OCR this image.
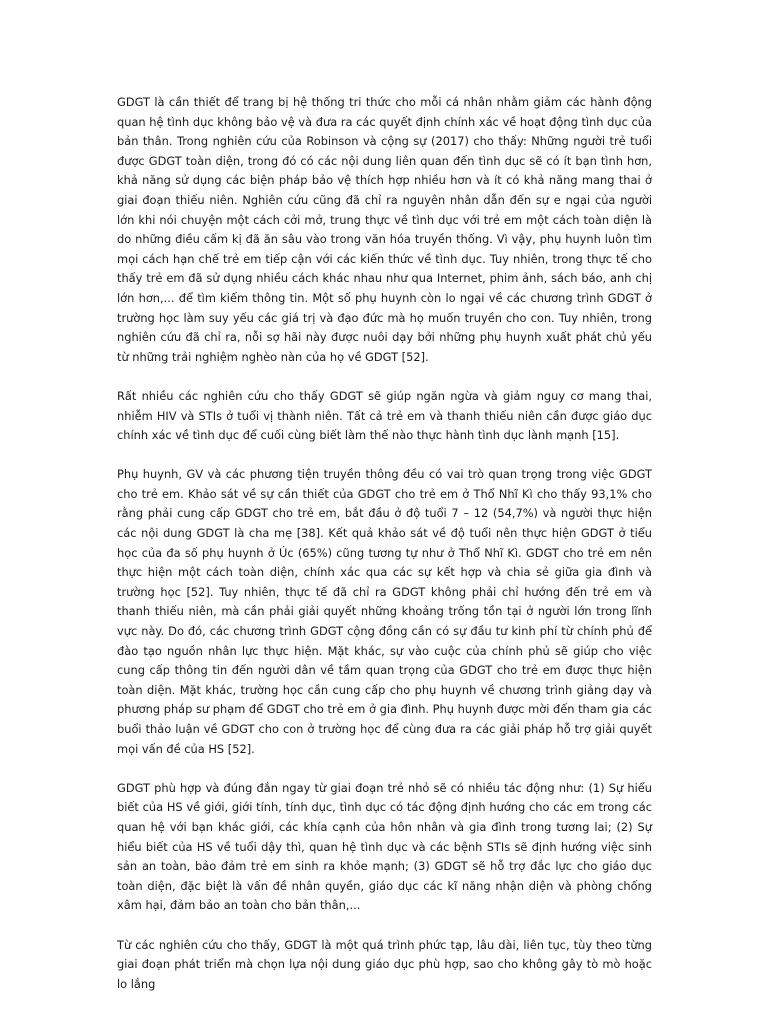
GDGT là cần thiết để trang bị hệ thống tri thức cho mỗi cá nhân nhằm giảm các hành động quan hệ tình dục không bảo vệ và đưa ra các quyết định chính xác về hoạt động tình dục của bản thân. Trong nghiên cứu của Robinson và cộng sự (2017) cho thấy: Những người trẻ tuổi được GDGT toàn diện, trong đó có các nội dung liên quan đến tình dục sẽ có ít bạn tình hơn, khả năng sử dụng các biện pháp bảo vệ thích hợp nhiều hơn và ít có khả năng mang thai ở giai đoạn thiếu niên. Nghiên cứu cũng đã chỉ ra nguyên nhân dẫn đến sự e ngại của người lớn khi nói chuyện một cách cởi mở, trung thực về tình dục với trẻ em một cách toàn diện là do những điều cấm kị đã ăn sâu vào trong văn hóa truyền thống. Vì vậy, phụ huynh luôn tìm mọi cách hạn chế trẻ em tiếp cận với các kiến thức về tình dục. Tuy nhiên, trong thực tế cho thấy trẻ em đã sử dụng nhiều cách khác nhau như qua Internet, phim ảnh, sách báo, anh chị lớn hơn,... để tìm kiếm thông tin. Một số phụ huynh còn lo ngại về các chương trình GDGT ở trường học làm suy yếu các giá trị và đạo đức mà họ muốn truyền cho con. Tuy nhiên, trong nghiên cứu đã chỉ ra, nỗi sợ hãi này được nuôi dạy bởi những phụ huynh xuất phát chủ yếu từ những trải nghiệm nghèo nàn của họ về GDGT [52].

Rất nhiều các nghiên cứu cho thấy GDGT sẽ giúp ngăn ngừa và giảm nguy cơ mang thai, nhiễm HIV và STIs ở tuổi vị thành niên. Tất cả trẻ em và thanh thiếu niên cần được giáo dục chính xác về tình dục để cuối cùng biết làm thế nào thực hành tình dục lành mạnh [15].

Phụ huynh, GV và các phương tiện truyền thông đều có vai trò quan trọng trong việc GDGT cho trẻ em. Khảo sát về sự cần thiết của GDGT cho trẻ em ở Thổ Nhĩ Kì cho thấy 93,1% cho rằng phải cung cấp GDGT cho trẻ em, bắt đầu ở độ tuổi 7 – 12 (54,7%) và người thực hiện các nội dung GDGT là cha mẹ [38]. Kết quả khảo sát về độ tuổi nên thực hiện GDGT ở tiểu học của đa số phụ huynh ở Úc (65%) cũng tương tự như ở Thổ Nhĩ Kì. GDGT cho trẻ em nên thực hiện một cách toàn diện, chính xác qua các sự kết hợp và chia sẻ giữa gia đình và trường học [52]. Tuy nhiên, thực tế đã chỉ ra GDGT không phải chỉ hướng đến trẻ em và thanh thiếu niên, mà cần phải giải quyết những khoảng trống tồn tại ở người lớn trong lĩnh vực này. Do đó, các chương trình GDGT cộng đồng cần có sự đầu tư kinh phí từ chính phủ để đào tạo nguồn nhân lực thực hiện. Mặt khác, sự vào cuộc của chính phủ sẽ giúp cho việc cung cấp thông tin đến người dân về tầm quan trọng của GDGT cho trẻ em được thực hiện toàn diện. Mặt khác, trường học cần cung cấp cho phụ huynh về chương trình giảng dạy và phương pháp sư phạm để GDGT cho trẻ em ở gia đình. Phụ huynh được mời đến tham gia các buổi thảo luận về GDGT cho con ở trường học để cùng đưa ra các giải pháp hỗ trợ giải quyết mọi vấn đề của HS [52].

GDGT phù hợp và đúng đắn ngay từ giai đoạn trẻ nhỏ sẽ có nhiều tác động như: (1) Sự hiểu biết của HS về giới, giới tính, tính dục, tình dục có tác động định hướng cho các em trong các quan hệ với bạn khác giới, các khía cạnh của hôn nhân và gia đình trong tương lai; (2) Sự hiểu biết của HS về tuổi dậy thì, quan hệ tình dục và các bệnh STIs sẽ định hướng việc sinh sản an toàn, bảo đảm trẻ em sinh ra khỏe mạnh; (3) GDGT sẽ hỗ trợ đắc lực cho giáo dục toàn diện, đặc biệt là vấn đề nhân quyền, giáo dục các kĩ năng nhận diện và phòng chống xâm hại, đảm bảo an toàn cho bản thân,...

Từ các nghiên cứu cho thấy, GDGT là một quá trình phức tạp, lâu dài, liên tục, tùy theo từng giai đoạn phát triển mà chọn lựa nội dung giáo dục phù hợp, sao cho không gây tò mò hoặc lo lắng
